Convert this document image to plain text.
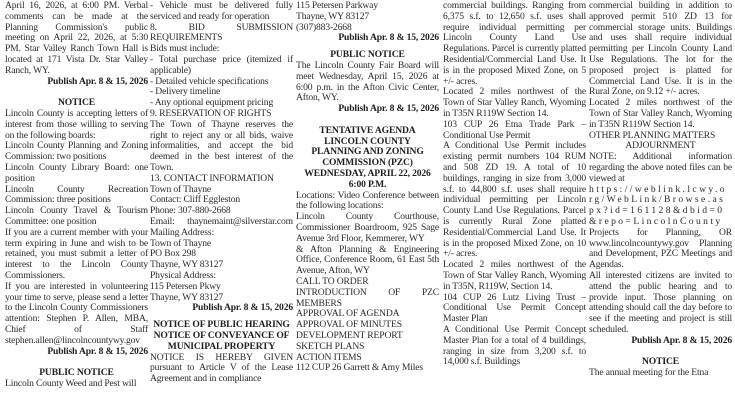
April 16, 2026, at 6:00 PM. Verbal comments can be made at the Planning Commission's public meeting on April 22, 2026, at 5:30 PM. Star Valley Ranch Town Hall is located at 171 Vista Dr. Star Valley Ranch, WY.
Publish Apr. 8 & 15, 2026
NOTICE
Lincoln County is accepting letters of interest from those willing to serving on the following boards:
Lincoln County Planning and Zoning Commission: two positions
Lincoln County Library Board: one position
Lincoln County Recreation Commission: three positions
Lincoln County Travel & Tourism Committee: one position
If you are a current member with your term expiring in June and wish to be retained, you must submit a letter of interest to the Lincoln County Commissioners.
If you are interested in volunteering your time to serve, please send a letter to the Lincoln County Commissioners attention: Stephen P. Allen, MBA, Chief of Staff stephen.allen@lincolncountywy.gov
Publish Apr. 8 & 15, 2026
PUBLIC NOTICE
Lincoln County Weed and Pest will
- Vehicle must be delivered fully serviced and ready for operation
8. BID SUBMISSION REQUIREMENTS
Bids must include:
- Total purchase price (itemized if applicable)
- Detailed vehicle specifications
- Delivery timeline
- Any optional equipment pricing
9. RESERVATION OF RIGHTS
The Town of Thayne reserves the right to reject any or all bids, waive informalities, and accept the bid deemed in the best interest of the Town.
13. CONTACT INFORMATION
Town of Thayne
Contact: Cliff Eggleston
Phone: 307-880-2668
Email: thaynemaint@silverstar.com Mailing Address:
Town of Thayne
PO Box 298
Thayne, WY 83127
Physical Address:
115 Petersen Pkwy
Thayne, WY 83127
Publish Apr. 8 & 15, 2026
NOTICE OF PUBLIC HEARING
NOTICE OF CONVEYANCE OF
MUNICIPAL PROPERTY
NOTICE IS HEREBY GIVEN pursuant to Article V of the Lease Agreement and in compliance
115 Petersen Parkway
Thayne, WY 83127
(307)883-2668
Publish Apr. 8 & 15, 2026
PUBLIC NOTICE
The Lincoln County Fair Board will meet Wednesday, April 15, 2026 at 6:00 p.m. in the Afton Civic Center, Afton, WY.
Publish Apr. 8 & 15, 2026
TENTATIVE AGENDA
LINCOLN COUNTY
PLANNING AND ZONING
COMMISSION (PZC)
WEDNESDAY, APRIL 22, 2026
6:00 P.M.
Locations: Video Conference between the following locations:
Lincoln County Courthouse, Commissioner Boardroom, 925 Sage Avenue 3rd Floor, Kemmerer, WY
& Afton Planning & Engineering Office, Conference Room, 61 East 5th Avenue, Afton, WY
CALL TO ORDER
INTRODUCTION OF PZC MEMBERS
APPROVAL OF AGENDA
APPROVAL OF MINUTES
DEVELOPMENT REPORT
SKETCH PLANS
ACTION ITEMS
112 CUP 26 Garrett & Amy Miles
commercial buildings. Ranging from 6,375 s.f. to 12,650 s.f. uses shall require individual permitting per Lincoln County Land Use Regulations. Parcel is currently platted Residential/Commercial Land Use. It is in the proposed Mixed Zone, on 5 +/- acres.
Located 2 miles northwest of the Town of Star Valley Ranch, Wyoming in T35N R119W Section 14.
103 CUP 26 Etna Trade Park – Conditional Use Permit
A Conditional Use Permit includes existing permit numbers 104 RUM and 508 ZD 19. A total of 10 buildings, ranging in size from 3,000 s.f. to 44,800 s.f. uses shall require individual permitting per Lincoln County Land Use Regulations. Parcel is currently Rural Zone platted Residential/Commercial Land Use. It is in the proposed Mixed Zone, on 10 +/- acres.
Located 2 miles northwest of the Town of Star Valley Ranch, Wyoming in T35N, R119W, Section 14.
104 CUP 26 Lutz Living Trust – Conditional Use Permit Concept Master Plan
A Conditional Use Permit Concept Master Plan for a total of 4 buildings, ranging in size from 3,200 s.f. to 14,000 s.f. Buildings
commercial building in addition to approved permit 510 ZD 13 for commercial storage units. Buildings and uses shall require individual permitting per Lincoln County Land Use Regulations. The lot for the proposed project is platted for Commercial Land Use. It is in the Rural Zone, on 9.12 +/- acres.
Located 2 miles northwest of the Town of Star Valley Ranch, Wyoming in T35N R119W Section 14.
OTHER PLANNING MATTERS
ADJOURNMENT
NOTE: Additional information regarding the above noted files can be viewed at
https://weblink.lcwy.org/WebLink/Browse.aspx?id=161128&dbid=0&repo=LincolnCounty
Projects for Planning, OR www.lincolncountywy.gov Planning and Development, PZC Meetings and Agendas.
All interested citizens are invited to attend the public hearing and to provide input. Those planning on attending should call the day before to see if the meeting and project is still scheduled.
Publish Apr. 8 & 15, 2026
NOTICE
The annual meeting for the Etna
